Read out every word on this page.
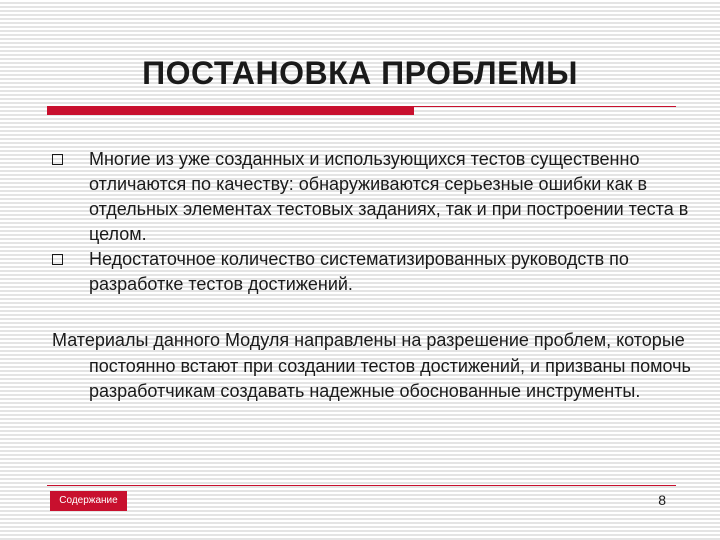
ПОСТАНОВКА ПРОБЛЕМЫ
Многие из уже созданных и использующихся тестов существенно отличаются по качеству: обнаруживаются серьезные ошибки как в отдельных элементах тестовых заданиях, так и при построении теста в целом.
Недостаточное количество систематизированных руководств по разработке тестов достижений.
Материалы данного Модуля направлены на разрешение проблем, которые постоянно встают при создании тестов достижений, и призваны помочь разработчикам создавать надежные обоснованные инструменты.
Содержание	8
